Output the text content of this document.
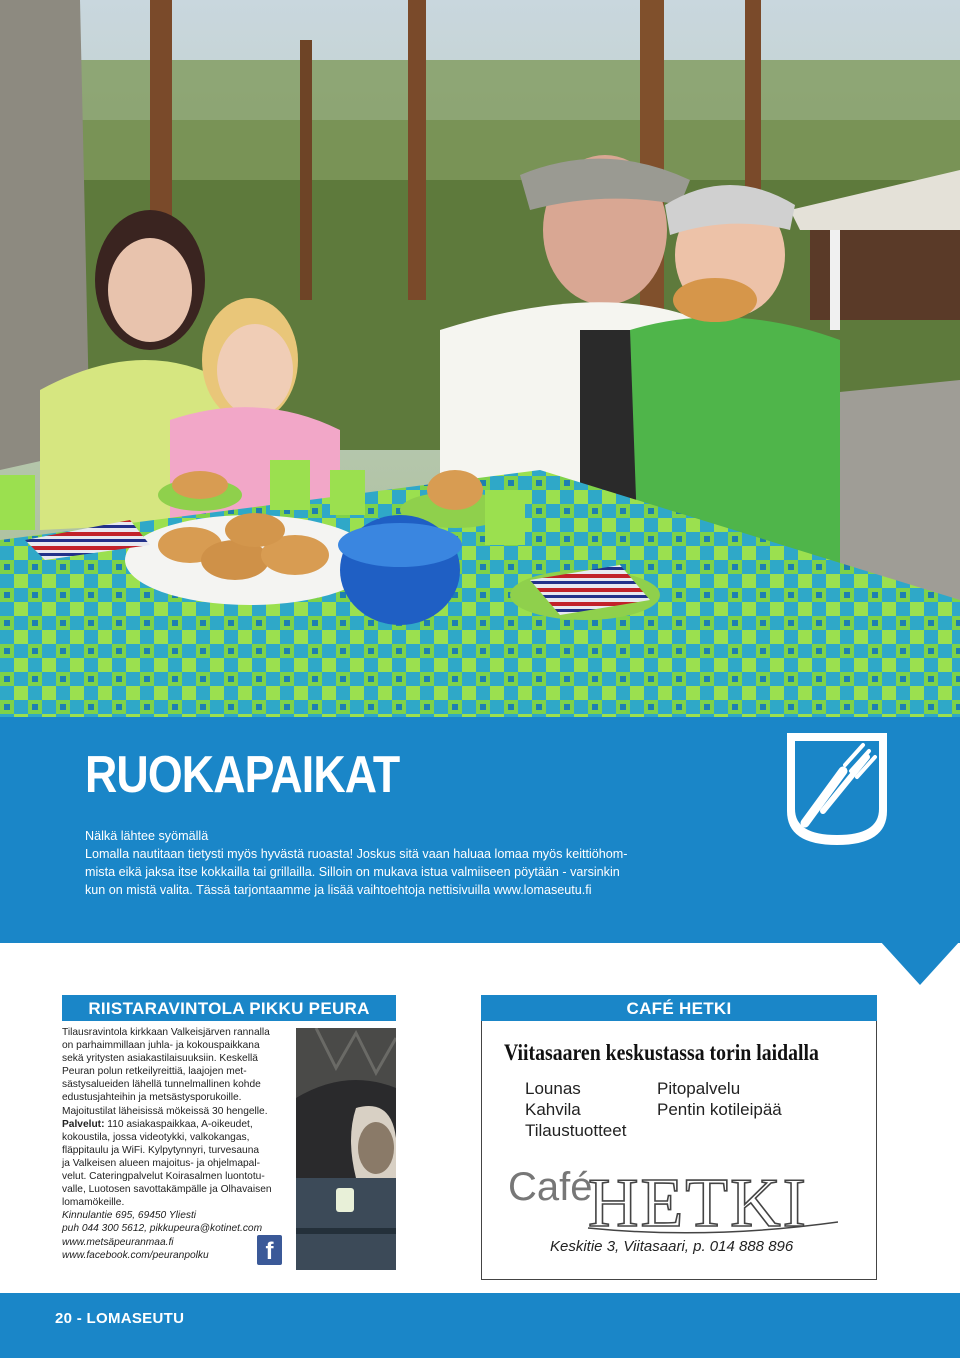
RUOKAPAIKAT
Nälkä lähtee syömällä
Lomalla nautitaan tietysti myös hyvästä ruoasta! Joskus sitä vaan haluaa lomaa myös keittiöhom-
mista eikä jaksa itse kokkailla tai grillailla. Silloin on mukava istua valmiiseen pöytään - varsinkin
kun on mistä valita. Tässä tarjontaamme ja lisää vaihtoehtoja nettisivuilla www.lomaseutu.fi
RIISTARAVINTOLA PIKKU PEURA

Tilausravintola kirkkaan Valkeisjärven rannalla

on parhaimmillaan juhla- ja kokouspaikkana

sekä yritysten asiakastilaisuuksiin. Keskellä

Peuran polun retkeilyreittiä, laajojen met-

sästysalueiden lähellä tunnelmallinen kohde

edustusjahteihin ja metsästysporukoille.

Majoitustilat läheisissä mökeissä 30 hengelle.

Palvelut: 110 asiakaspaikkaa, A-oikeudet,

kokoustila, jossa videotykki, valkokangas,

fläppitaulu ja WiFi. Kylpytynnyri, turvesauna

ja Valkeisen alueen majoitus- ja ohjelmapal-

velut. Cateringpalvelut Koirasalmen luontotu-

valle, Luotosen savottakämpälle ja Olhavaisen

lomamökeille.

Kinnulantie 695, 69450 Yliesti

puh 044 300 5612, pikkupeura@kotinet.com

www.metsäpeuranmaa.fi

www.facebook.com/peuranpolku	f
CAFÉ HETKI
Viitasaaren keskustassa torin laidalla
Lounas
Kahvila
Tilaustuotteet
Pitopalvelu
Pentin kotileipää
Café
HETKI
Keskitie 3, Viitasaari, p. 014 888 896
20 - LOMASEUTU
